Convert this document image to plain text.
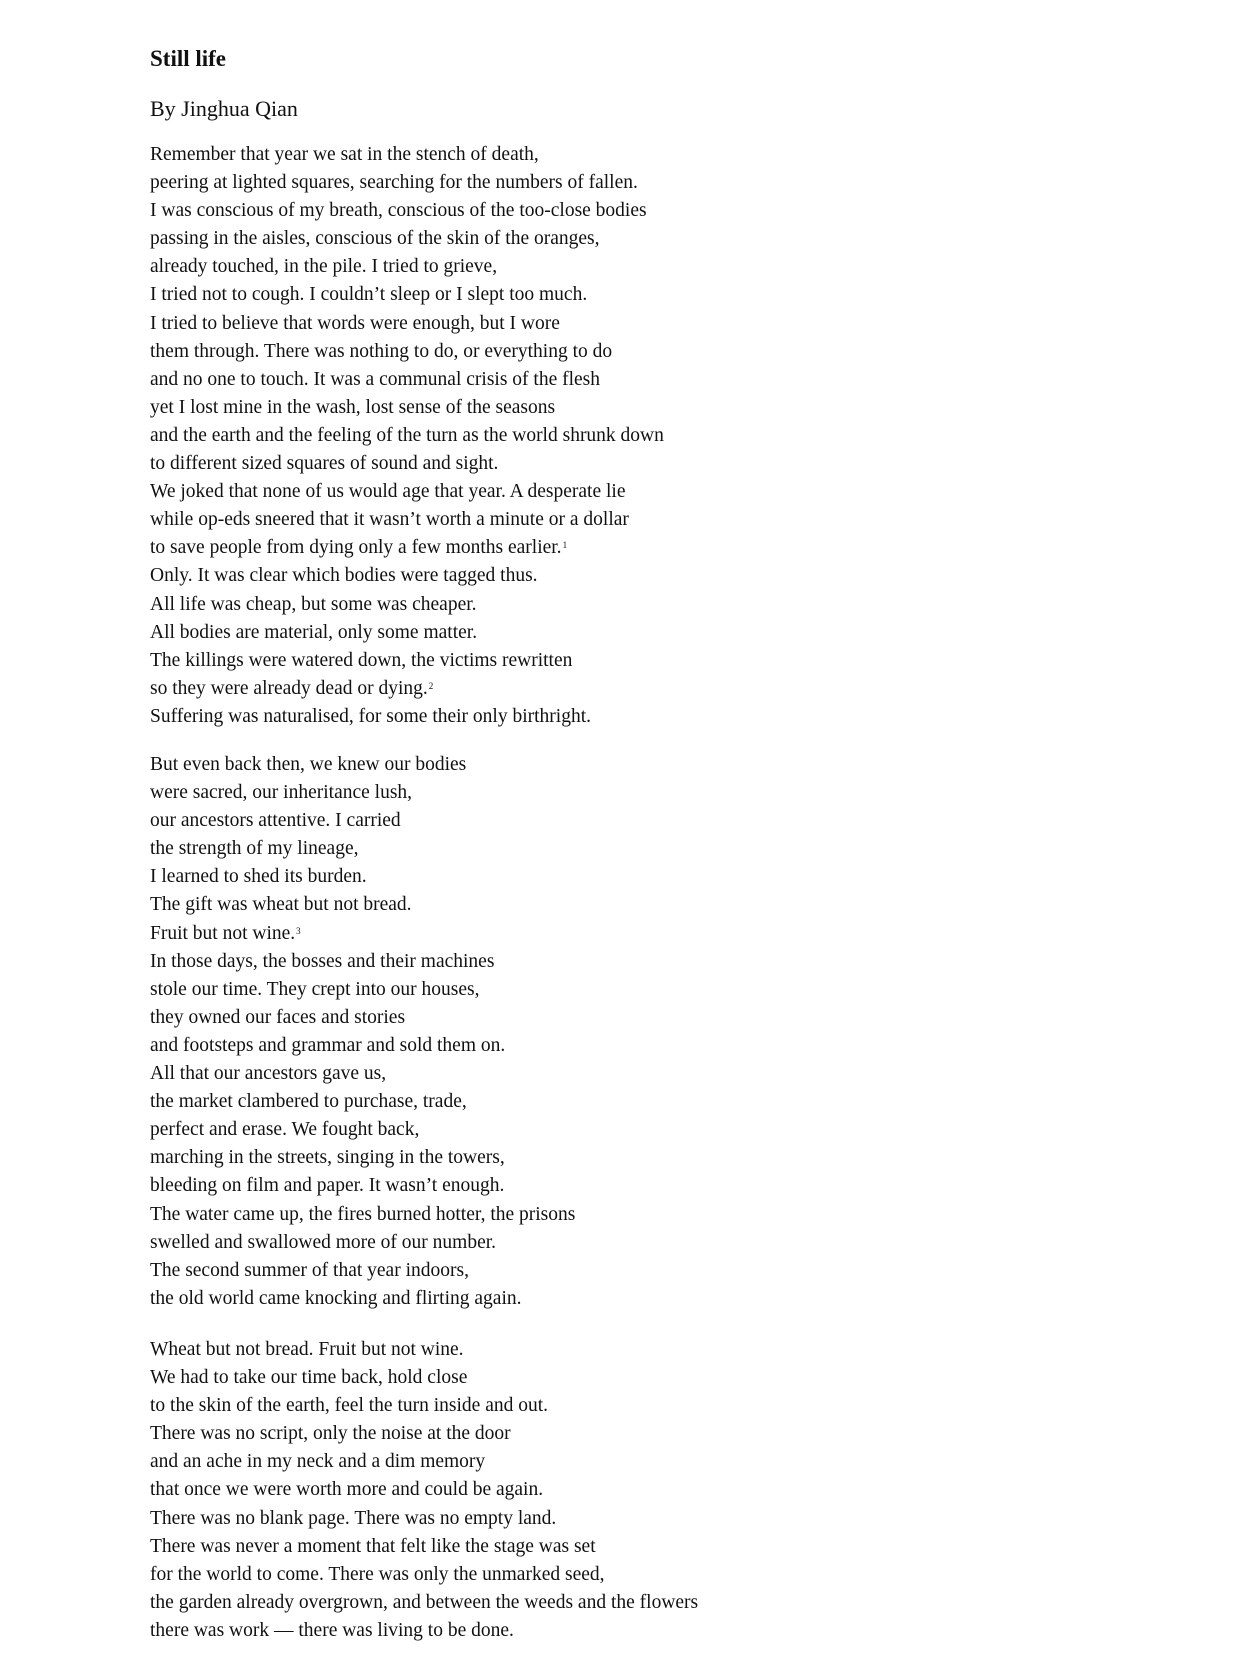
Still life
By Jinghua Qian
Remember that year we sat in the stench of death,
peering at lighted squares, searching for the numbers of fallen.
I was conscious of my breath, conscious of the too-close bodies
passing in the aisles, conscious of the skin of the oranges,
already touched, in the pile. I tried to grieve,
I tried not to cough. I couldn’t sleep or I slept too much.
I tried to believe that words were enough, but I wore
them through. There was nothing to do, or everything to do
and no one to touch. It was a communal crisis of the flesh
yet I lost mine in the wash, lost sense of the seasons
and the earth and the feeling of the turn as the world shrunk down
to different sized squares of sound and sight.
We joked that none of us would age that year. A desperate lie
while op-eds sneered that it wasn’t worth a minute or a dollar
to save people from dying only a few months earlier.$^1$
Only. It was clear which bodies were tagged thus.
All life was cheap, but some was cheaper.
All bodies are material, only some matter.
The killings were watered down, the victims rewritten
so they were already dead or dying.$^2$
Suffering was naturalised, for some their only birthright.
But even back then, we knew our bodies
were sacred, our inheritance lush,
our ancestors attentive. I carried
the strength of my lineage,
I learned to shed its burden.
The gift was wheat but not bread.
Fruit but not wine.$^3$
In those days, the bosses and their machines
stole our time. They crept into our houses,
they owned our faces and stories
and footsteps and grammar and sold them on.
All that our ancestors gave us,
the market clambered to purchase, trade,
perfect and erase. We fought back,
marching in the streets, singing in the towers,
bleeding on film and paper. It wasn’t enough.
The water came up, the fires burned hotter, the prisons
swelled and swallowed more of our number.
The second summer of that year indoors,
the old world came knocking and flirting again.
Wheat but not bread. Fruit but not wine.
We had to take our time back, hold close
to the skin of the earth, feel the turn inside and out.
There was no script, only the noise at the door
and an ache in my neck and a dim memory
that once we were worth more and could be again.
There was no blank page. There was no empty land.
There was never a moment that felt like the stage was set
for the world to come. There was only the unmarked seed,
the garden already overgrown, and between the weeds and the flowers
there was work — there was living to be done.
